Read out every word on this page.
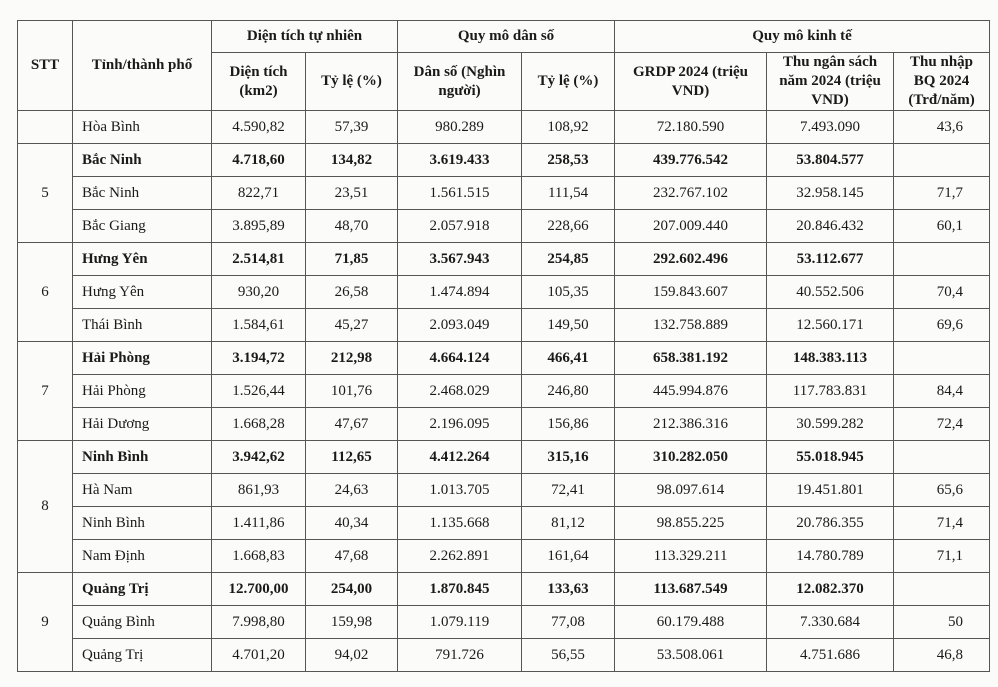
STT	Tỉnh/thành phố	Diện tích tự nhiên		Quy mô dân số		Quy mô kinh tế		
		Diện tích (km2)	Tỷ lệ (%)	Dân số (Nghìn người)	Tỷ lệ (%)	GRDP 2024 (triệu VND)	Thu ngân sách năm 2024 (triệu VND)	Thu nhập BQ 2024 (Trđ/năm)
	Hòa Bình	4.590,82	57,39	980.289	108,92	72.180.590	7.493.090	43,6
5	Bắc Ninh	4.718,60	134,82	3.619.433	258,53	439.776.542	53.804.577	
	Bắc Ninh	822,71	23,51	1.561.515	111,54	232.767.102	32.958.145	71,7
	Bắc Giang	3.895,89	48,70	2.057.918	228,66	207.009.440	20.846.432	60,1
6	Hưng Yên	2.514,81	71,85	3.567.943	254,85	292.602.496	53.112.677	
	Hưng Yên	930,20	26,58	1.474.894	105,35	159.843.607	40.552.506	70,4
	Thái Bình	1.584,61	45,27	2.093.049	149,50	132.758.889	12.560.171	69,6
7	Hải Phòng	3.194,72	212,98	4.664.124	466,41	658.381.192	148.383.113	
	Hải Phòng	1.526,44	101,76	2.468.029	246,80	445.994.876	117.783.831	84,4
	Hải Dương	1.668,28	47,67	2.196.095	156,86	212.386.316	30.599.282	72,4
8	Ninh Bình	3.942,62	112,65	4.412.264	315,16	310.282.050	55.018.945	
	Hà Nam	861,93	24,63	1.013.705	72,41	98.097.614	19.451.801	65,6
	Ninh Bình	1.411,86	40,34	1.135.668	81,12	98.855.225	20.786.355	71,4
	Nam Định	1.668,83	47,68	2.262.891	161,64	113.329.211	14.780.789	71,1
9	Quảng Trị	12.700,00	254,00	1.870.845	133,63	113.687.549	12.082.370	
	Quảng Bình	7.998,80	159,98	1.079.119	77,08	60.179.488	7.330.684	50
	Quảng Trị	4.701,20	94,02	791.726	56,55	53.508.061	4.751.686	46,8
